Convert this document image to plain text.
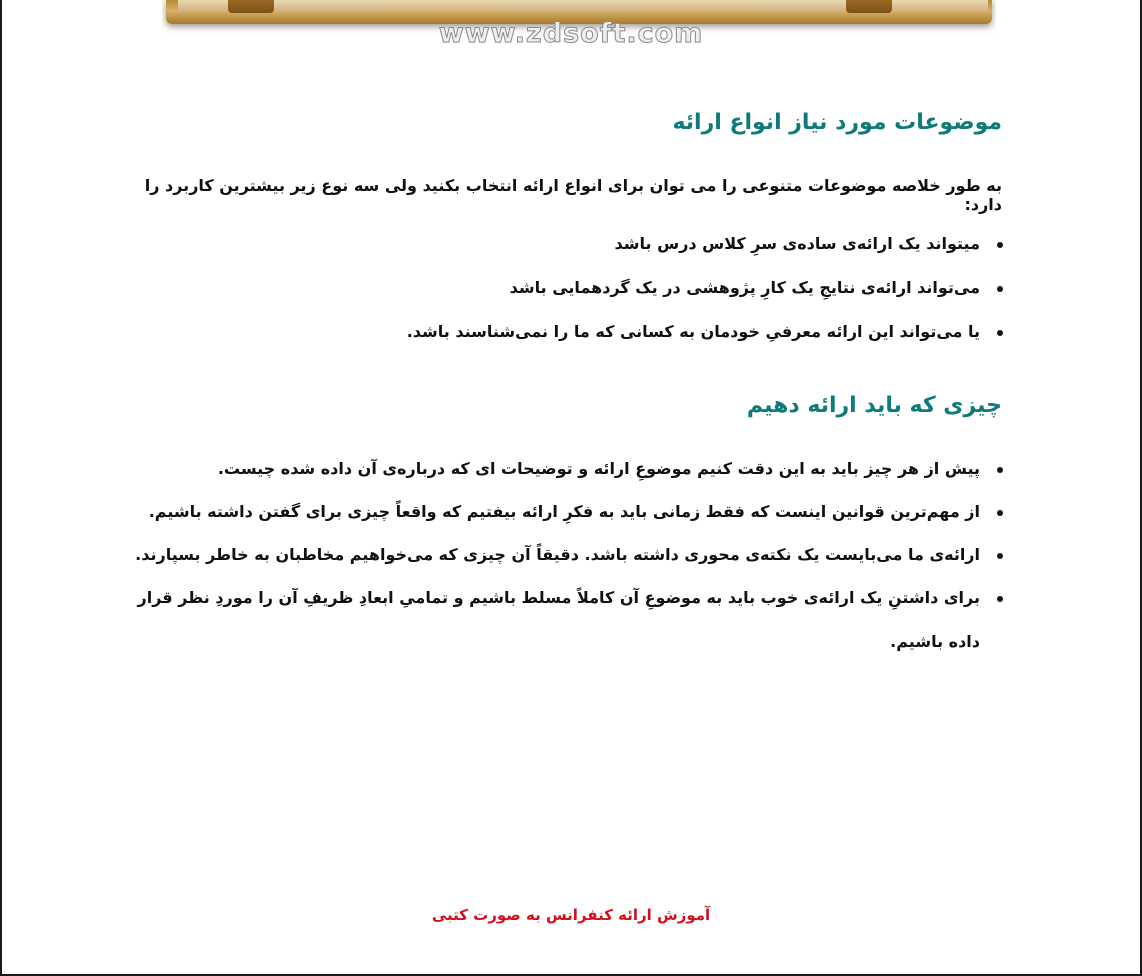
www.zdsoft.com
موضوعات مورد نیاز انواع ارائه
به طور خلاصه موضوعات متنوعی را می توان برای انواع ارائه انتخاب بکنید ولی سه نوع زیر بیشترین کاربرد را دارد:
میتواند یک ارائه‌ی ساده‌ی سرِ کلاس درس باشد
می‌تواند ارائه‌ی نتایجِ یک کارِ پژوهشی در یک گردهمایی باشد
یا می‌تواند این ارائه معرفیِ خودمان به کسانی که ما را نمی‌شناسند باشد.
چیزی که باید ارائه دهیم
پیش از هر چیز باید به این دقت کنیم موضوعِ ارائه و توضیحات ای که درباره‌ی آن داده شده چیست.
از مهم‌ترین قوانین اینست که فقط زمانی باید به فکرِ ارائه بیفتیم که واقعاً چیزی برای گفتن داشته باشیم.
ارائه‌ی ما می‌بایست یک نکته‌ی محوری داشته باشد. دقیقاً آن چیزی که می‌خواهیم مخاطبان به خاطر بسپارند.
برای داشتنِ یک ارائه‌ی خوب باید به موضوعِ آن کاملاً مسلط باشیم و تمامیِ ابعادِ ظریفِ آن را موردِ نظر قرار داده باشیم.
آموزش ارائه کنفرانس به صورت کتبی
